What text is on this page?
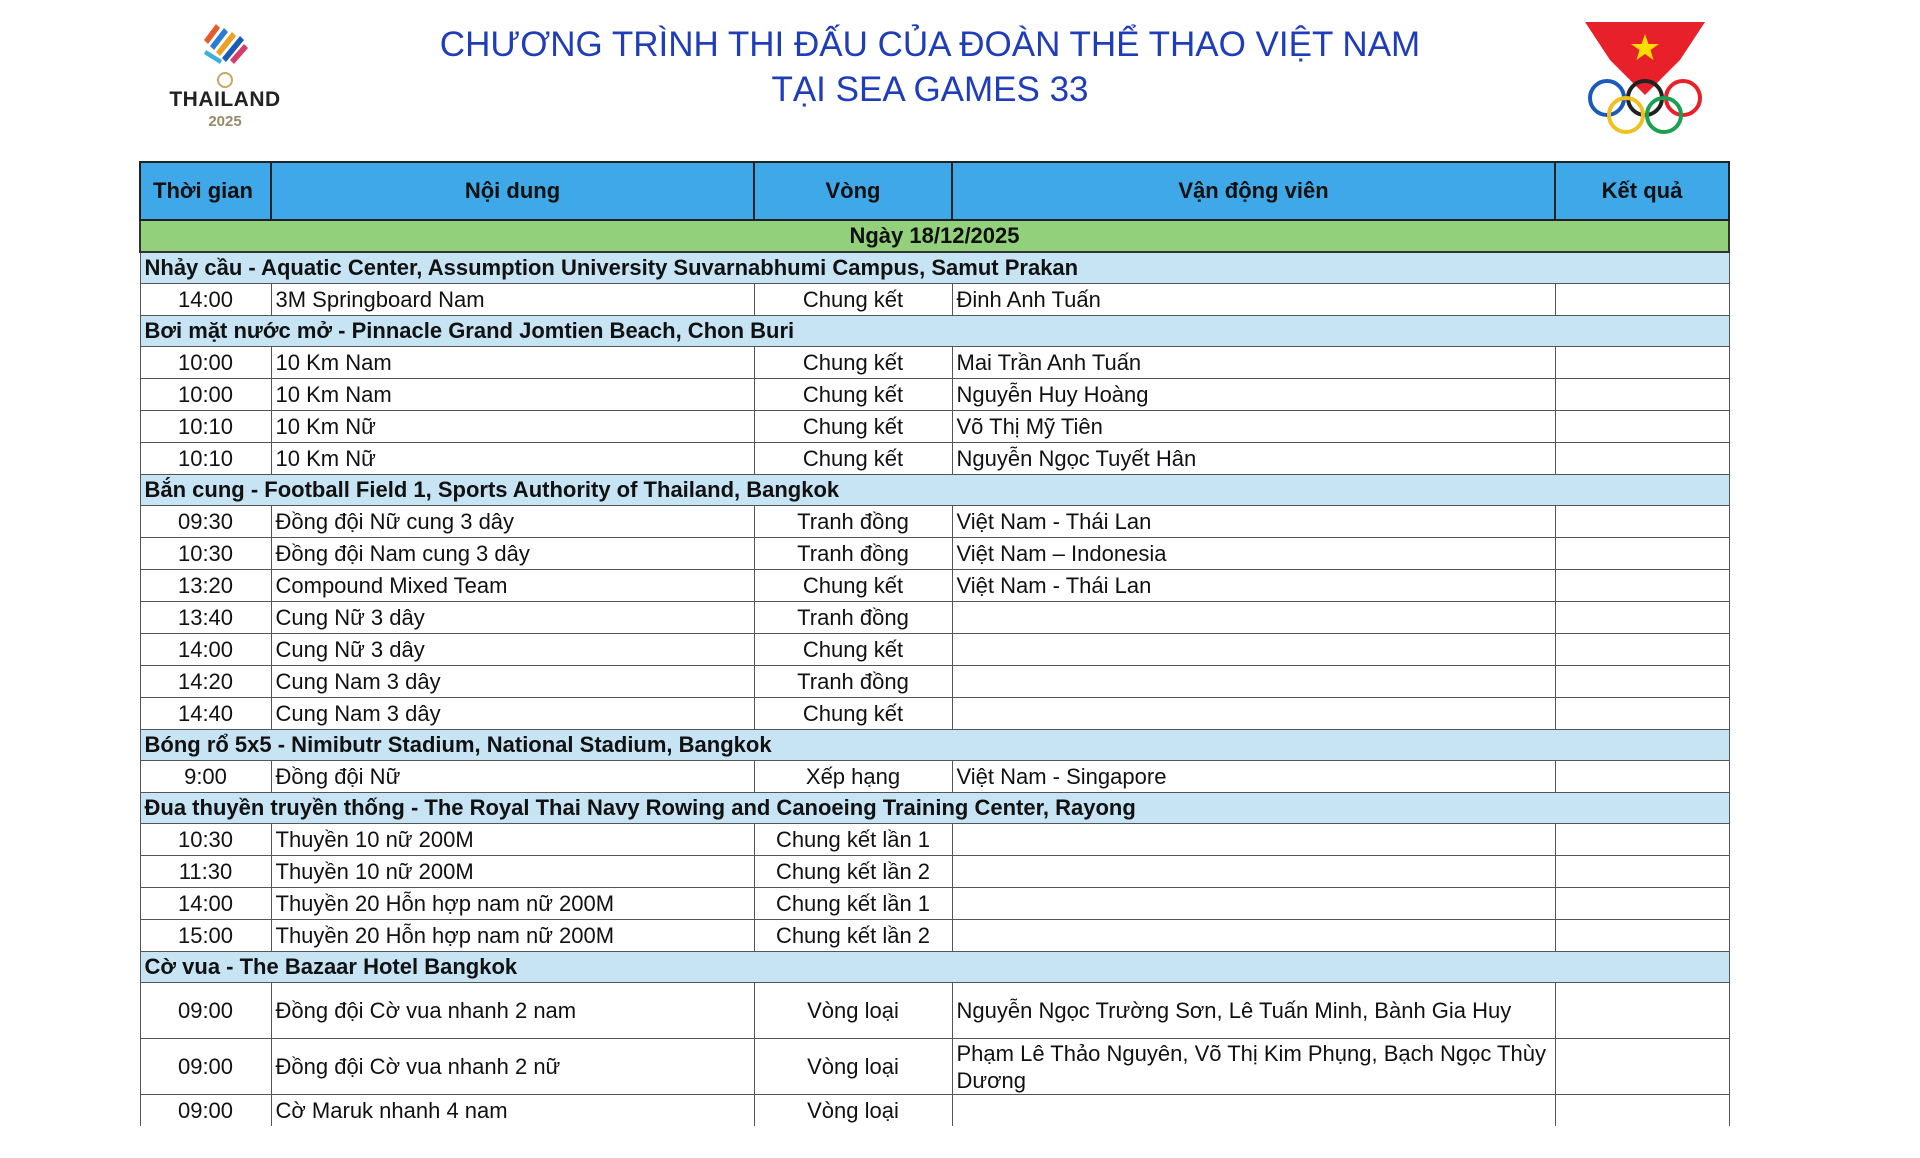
THAILAND
2025
CHƯƠNG TRÌNH THI ĐẤU CỦA ĐOÀN THỂ THAO VIỆT NAM
TẠI SEA GAMES 33
Thời gian	Nội dung	Vòng	Vận động viên	Kết quả
Ngày 18/12/2025				
Nhảy cầu - Aquatic Center, Assumption University Suvarnabhumi Campus, Samut Prakan				
14:00	3M Springboard Nam	Chung kết	Đinh Anh Tuấn	
Bơi mặt nước mở - Pinnacle Grand Jomtien Beach, Chon Buri				
10:00	10 Km Nam	Chung kết	Mai Trần Anh Tuấn	
10:00	10 Km Nam	Chung kết	Nguyễn Huy Hoàng	
10:10	10 Km Nữ	Chung kết	Võ Thị Mỹ Tiên	
10:10	10 Km Nữ	Chung kết	Nguyễn Ngọc Tuyết Hân	
Bắn cung - Football Field 1, Sports Authority of Thailand, Bangkok				
09:30	Đồng đội Nữ cung 3 dây	Tranh đồng	Việt Nam - Thái Lan	
10:30	Đồng đội Nam cung 3 dây	Tranh đồng	Việt Nam – Indonesia	
13:20	Compound Mixed Team	Chung kết	Việt Nam - Thái Lan	
13:40	Cung Nữ 3 dây	Tranh đồng		
14:00	Cung Nữ 3 dây	Chung kết		
14:20	Cung Nam 3 dây	Tranh đồng		
14:40	Cung Nam 3 dây	Chung kết		
Bóng rổ 5x5 - Nimibutr Stadium, National Stadium, Bangkok				
9:00	Đồng đội Nữ	Xếp hạng	Việt Nam - Singapore	
Đua thuyền truyền thống - The Royal Thai Navy Rowing and Canoeing Training Center, Rayong				
10:30	Thuyền 10 nữ 200M	Chung kết lần 1		
11:30	Thuyền 10 nữ 200M	Chung kết lần 2		
14:00	Thuyền 20 Hỗn hợp nam nữ 200M	Chung kết lần 1		
15:00	Thuyền 20 Hỗn hợp nam nữ 200M	Chung kết lần 2		
Cờ vua - The Bazaar Hotel Bangkok				
09:00	Đồng đội Cờ vua nhanh 2 nam	Vòng loại	Nguyễn Ngọc Trường Sơn, Lê Tuấn Minh, Bành Gia Huy	
09:00	Đồng đội Cờ vua nhanh 2 nữ	Vòng loại	Phạm Lê Thảo Nguyên, Võ Thị Kim Phụng, Bạch Ngọc Thùy Dương	
09:00	Cờ Maruk nhanh 4 nam	Vòng loại		
